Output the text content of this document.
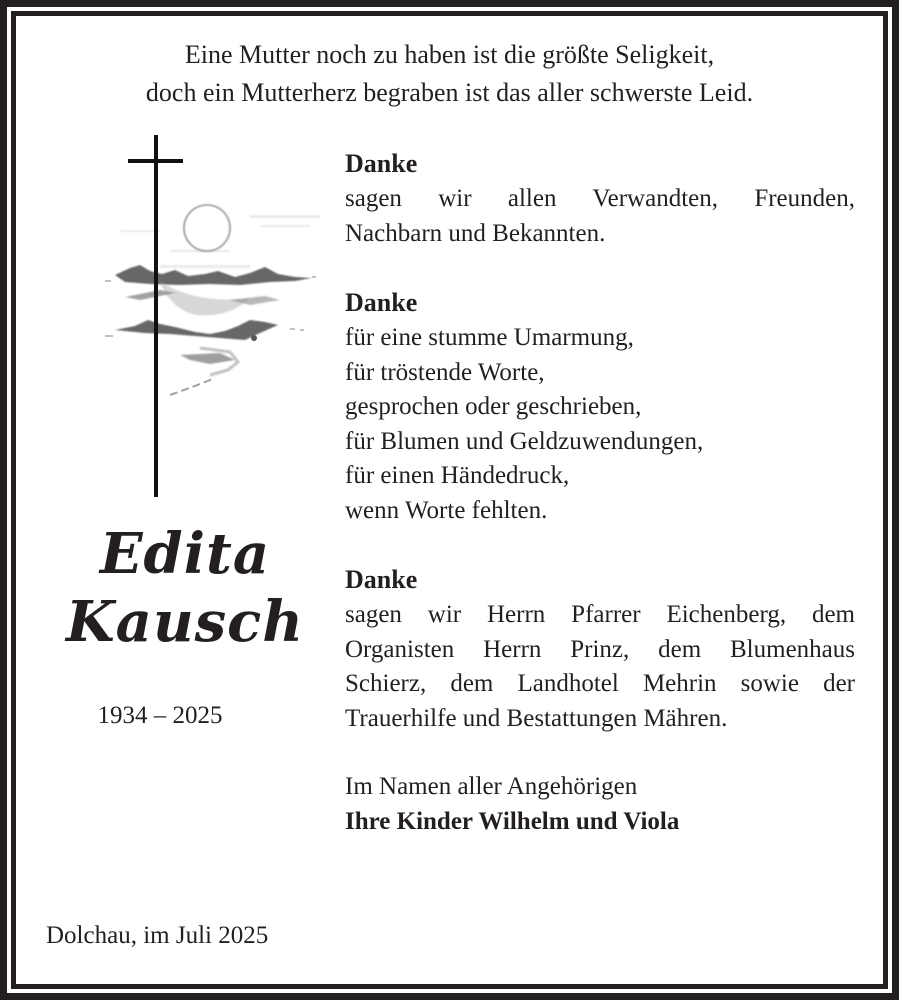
Eine Mutter noch zu haben ist die größte Seligkeit,
doch ein Mutterherz begraben ist das aller schwerste Leid.
Edita
Kausch
1934 – 2025
Danke
sagen wir allen Verwandten, Freunden,
Nachbarn und Bekannten.
Danke
für eine stumme Umarmung,
für tröstende Worte,
gesprochen oder geschrieben,
für Blumen und Geldzuwendungen,
für einen Händedruck,
wenn Worte fehlten.
Danke
sagen wir Herrn Pfarrer Eichenberg, dem
Organisten Herrn Prinz, dem Blumenhaus
Schierz, dem Landhotel Mehrin sowie der
Trauerhilfe und Bestattungen Mähren.
Im Namen aller Angehörigen
Ihre Kinder Wilhelm und Viola
Dolchau, im Juli 2025
